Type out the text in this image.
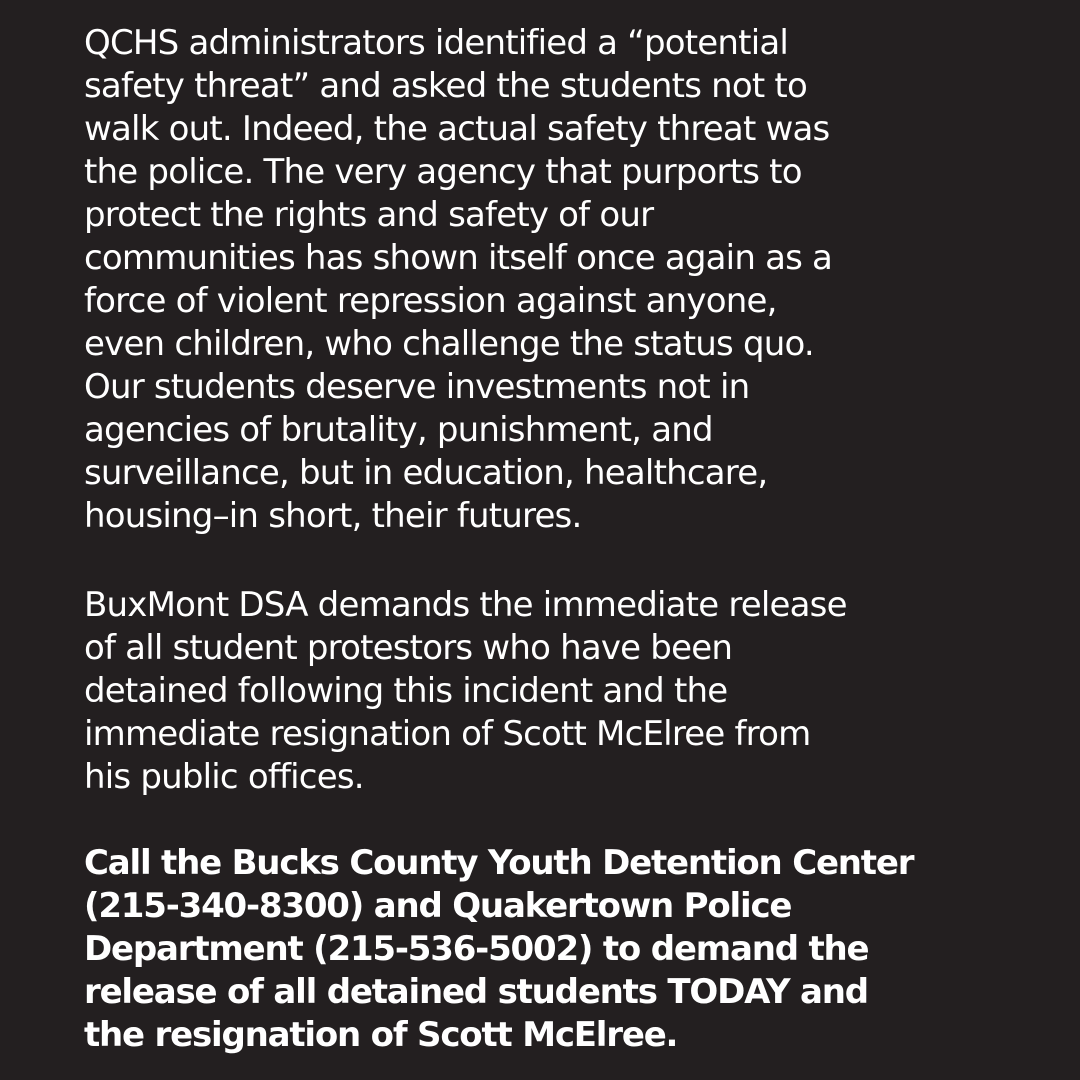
QCHS administrators identified a “potential
safety threat” and asked the students not to
walk out. Indeed, the actual safety threat was
the police. The very agency that purports to
protect the rights and safety of our
communities has shown itself once again as a
force of violent repression against anyone,
even children, who challenge the status quo.
Our students deserve investments not in
agencies of brutality, punishment, and
surveillance, but in education, healthcare,
housing–in short, their futures.
BuxMont DSA demands the immediate release
of all student protestors who have been
detained following this incident and the
immediate resignation of Scott McElree from
his public offices.
Call the Bucks County Youth Detention Center
(215-340-8300) and Quakertown Police
Department (215-536-5002) to demand the
release of all detained students TODAY and
the resignation of Scott McElree.
